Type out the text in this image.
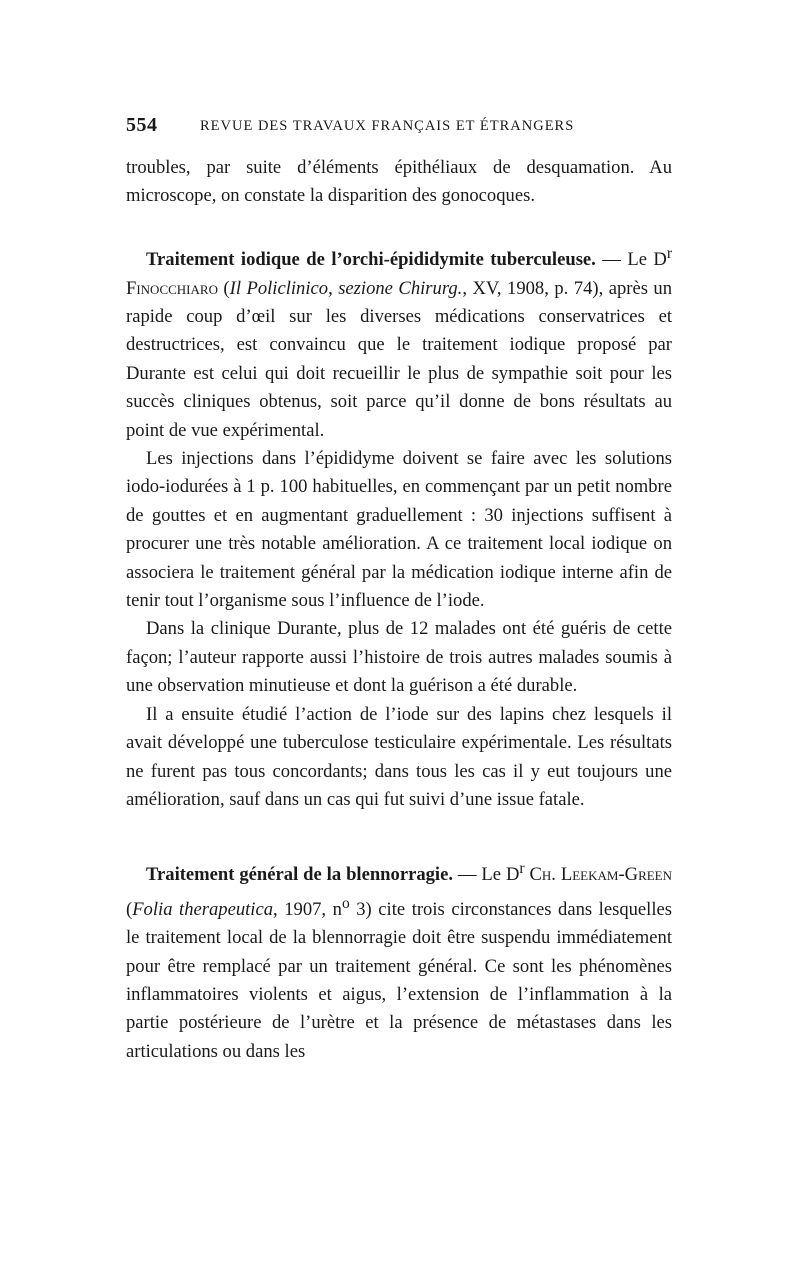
554	REVUE DES TRAVAUX FRANÇAIS ET ÉTRANGERS

troubles, par suite d’éléments épithéliaux de desquamation. Au microscope, on constate la disparition des gonocoques.

Traitement iodique de l’orchi-épididymite tuberculeuse. — Le $D^r$ Finocchiaro (Il Policlinico, sezione Chirurg., XV, 1908, p. 74), après un rapide coup d’œil sur les diverses médications conservatrices et destructrices, est convaincu que le traitement iodique proposé par Durante est celui qui doit recueillir le plus de sympathie soit pour les succès cliniques obtenus, soit parce qu’il donne de bons résultats au point de vue expérimental.

Les injections dans l’épididyme doivent se faire avec les solutions iodo-iodurées à 1 p. 100 habituelles, en commençant par un petit nombre de gouttes et en augmentant graduellement : 30 injections suffisent à procurer une très notable amélioration. A ce traitement local iodique on associera le traitement général par la médication iodique interne afin de tenir tout l’organisme sous l’influence de l’iode.

Dans la clinique Durante, plus de 12 malades ont été guéris de cette façon; l’auteur rapporte aussi l’histoire de trois autres malades soumis à une observation minutieuse et dont la guérison a été durable.

Il a ensuite étudié l’action de l’iode sur des lapins chez lesquels il avait développé une tuberculose testiculaire expérimentale. Les résultats ne furent pas tous concordants; dans tous les cas il y eut toujours une amélioration, sauf dans un cas qui fut suivi d’une issue fatale.

Traitement général de la blennorragie. — Le $D^r$ Ch. Leekam-Green (Folia therapeutica, 1907, $n^o$ 3) cite trois circonstances dans lesquelles le traitement local de la blennorragie doit être suspendu immédiatement pour être remplacé par un traitement général. Ce sont les phénomènes inflammatoires violents et aigus, l’extension de l’inflammation à la partie postérieure de l’urètre et la présence de métastases dans les articulations ou dans les
